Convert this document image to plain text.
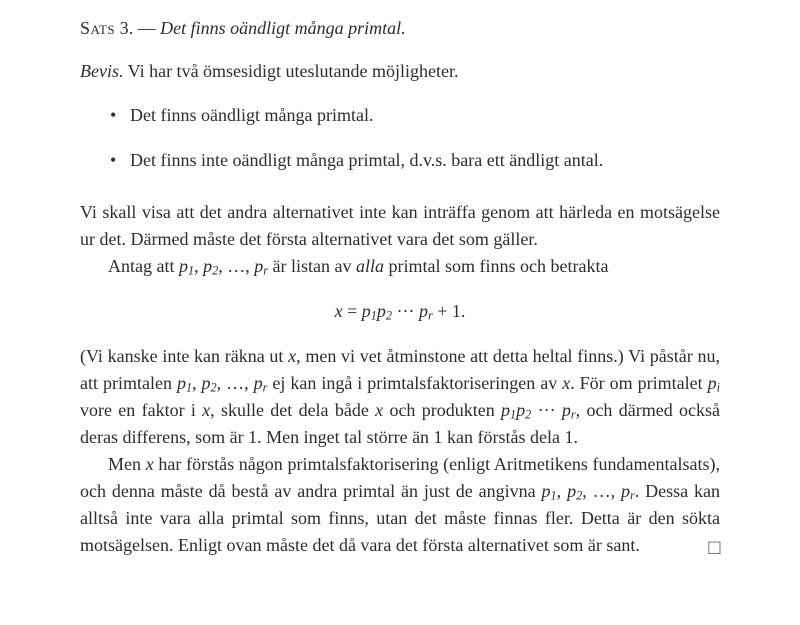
Sats 3. — Det finns oändligt många primtal.

Bevis. Vi har två ömsesidigt uteslutande möjligheter.

• Det finns oändligt många primtal.
• Det finns inte oändligt många primtal, d.v.s. bara ett ändligt antal.

Vi skall visa att det andra alternativet inte kan inträffa genom att härleda en motsägelse ur det. Därmed måste det första alternativet vara det som gäller.

Antag att $p_1$, $p_2$, …, $p_r$ är listan av alla primtal som finns och betrakta

$x = p_1p_2$ ··· $p_r + 1$.

(Vi kanske inte kan räkna ut x, men vi vet åtminstone att detta heltal finns.) Vi påstår nu, att primtalen $p_1$, $p_2$, …, $p_r$ ej kan ingå i primtalsfaktoriseringen av x. För om primtalet $p_i$ vore en faktor i x, skulle det dela både x och produkten $p_1p_2$ ··· $p_r$, och därmed också deras differens, som är 1. Men inget tal större än 1 kan förstås dela 1.

Men x har förstås någon primtalsfaktorisering (enligt Aritmetikens fundamentalsats), och denna måste då bestå av andra primtal än just de angivna $p_1$, $p_2$, …, $p_r$. Dessa kan alltså inte vara alla primtal som finns, utan det måste finnas fler. Detta är den sökta motsägelsen. Enligt ovan måste det då vara det första alternativet som är sant.	□
